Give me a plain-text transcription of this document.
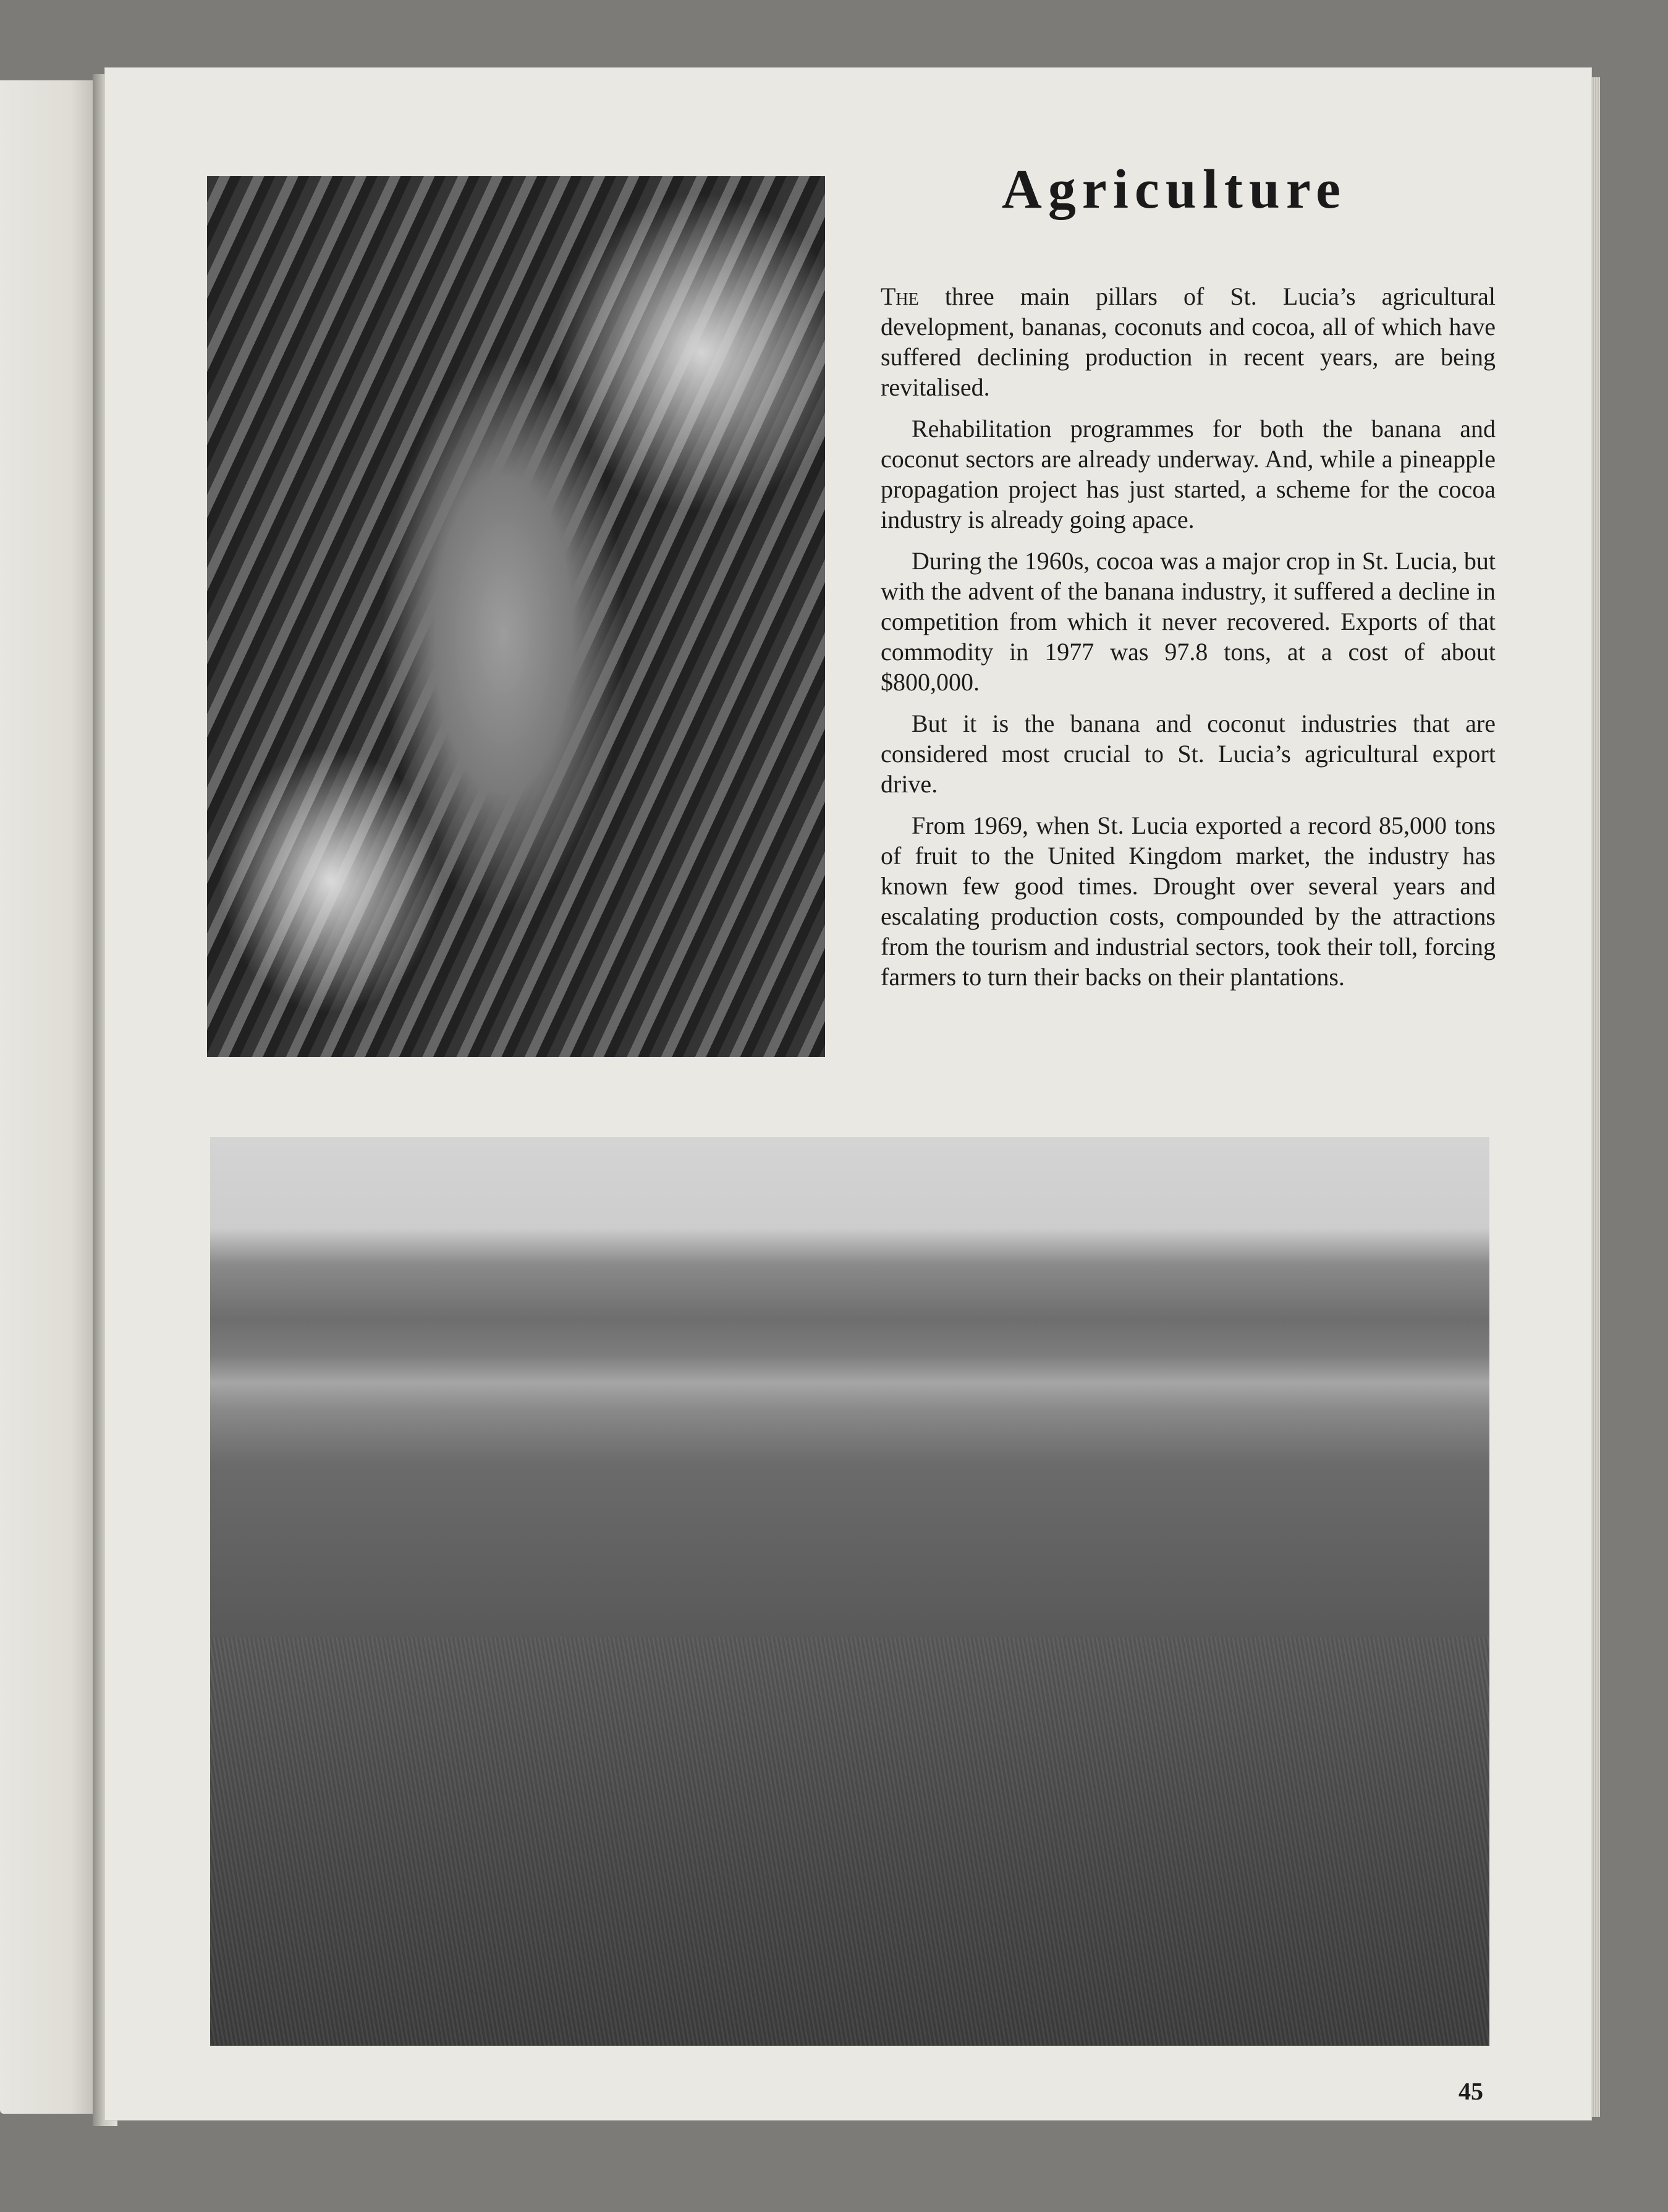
Agriculture

The three main pillars of St. Lucia’s agricultural development, bananas, coconuts and cocoa, all of which have suffered declining production in recent years, are being revitalised.

Rehabilitation programmes for both the banana and coconut sectors are already underway. And, while a pineapple propagation project has just started, a scheme for the cocoa industry is already going apace.

During the 1960s, cocoa was a major crop in St. Lucia, but with the advent of the banana industry, it suffered a decline in competition from which it never recovered. Exports of that commodity in 1977 was 97.8 tons, at a cost of about $800,000.

But it is the banana and coconut industries that are considered most crucial to St. Lucia’s agricultural export drive.

From 1969, when St. Lucia exported a record 85,000 tons of fruit to the United Kingdom market, the industry has known few good times. Drought over several years and escalating production costs, compounded by the attractions from the tourism and industrial sectors, took their toll, forcing farmers to turn their backs on their plantations.

45
